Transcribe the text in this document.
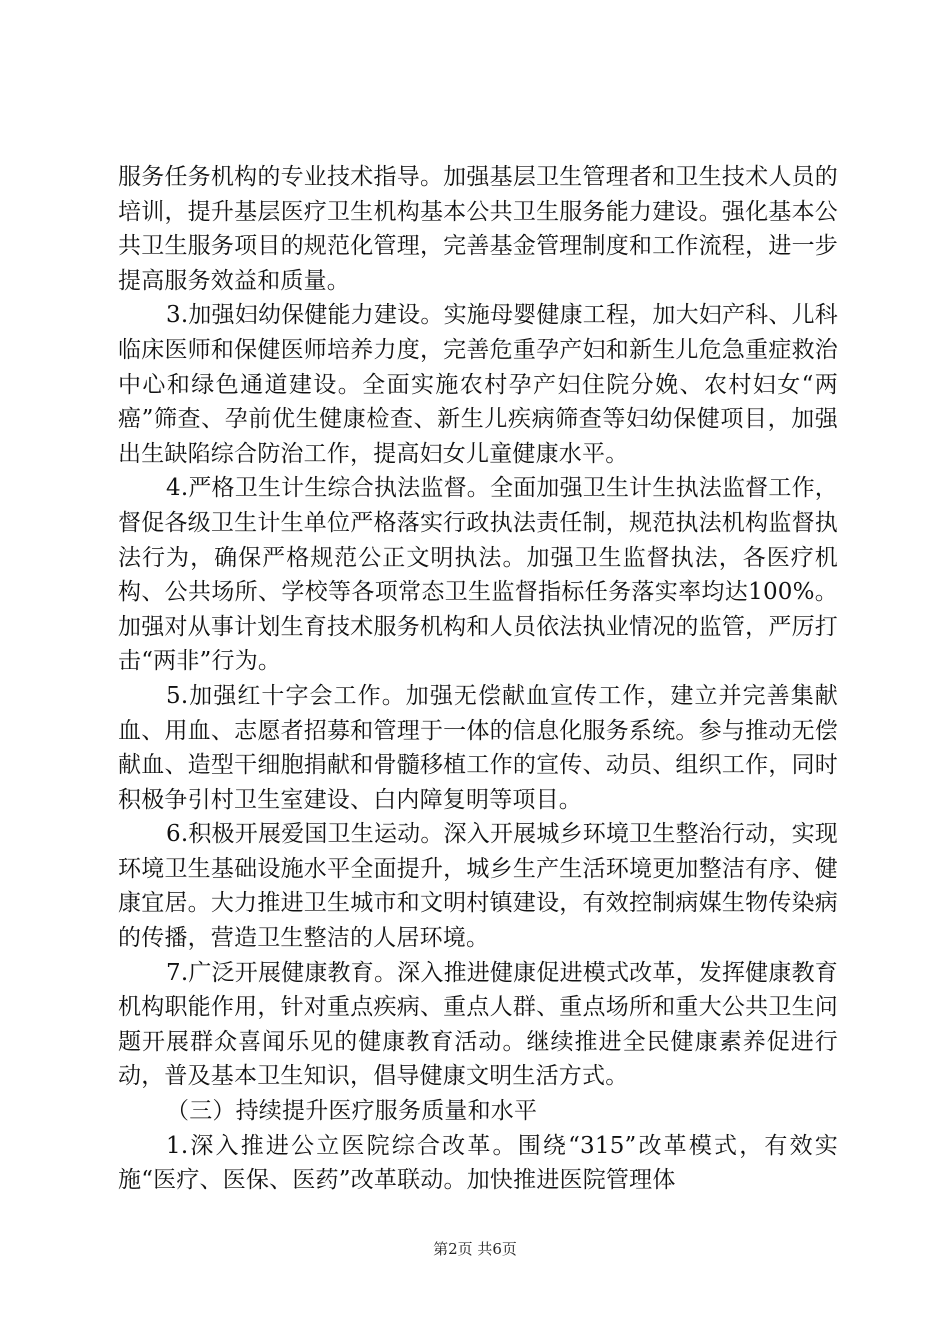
服务任务机构的专业技术指导。加强基层卫生管理者和卫生技术人员的培训，提升基层医疗卫生机构基本公共卫生服务能力建设。强化基本公共卫生服务项目的规范化管理，完善基金管理制度和工作流程，进一步提高服务效益和质量。

3.加强妇幼保健能力建设。实施母婴健康工程，加大妇产科、儿科临床医师和保健医师培养力度，完善危重孕产妇和新生儿危急重症救治中心和绿色通道建设。全面实施农村孕产妇住院分娩、农村妇女“两癌”筛查、孕前优生健康检查、新生儿疾病筛查等妇幼保健项目，加强出生缺陷综合防治工作，提高妇女儿童健康水平。

4.严格卫生计生综合执法监督。全面加强卫生计生执法监督工作，督促各级卫生计生单位严格落实行政执法责任制，规范执法机构监督执法行为，确保严格规范公正文明执法。加强卫生监督执法，各医疗机构、公共场所、学校等各项常态卫生监督指标任务落实率均达100%。加强对从事计划生育技术服务机构和人员依法执业情况的监管，严厉打击“两非”行为。

5.加强红十字会工作。加强无偿献血宣传工作，建立并完善集献血、用血、志愿者招募和管理于一体的信息化服务系统。参与推动无偿献血、造型干细胞捐献和骨髓移植工作的宣传、动员、组织工作，同时积极争引村卫生室建设、白内障复明等项目。

6.积极开展爱国卫生运动。深入开展城乡环境卫生整治行动，实现环境卫生基础设施水平全面提升，城乡生产生活环境更加整洁有序、健康宜居。大力推进卫生城市和文明村镇建设，有效控制病媒生物传染病的传播，营造卫生整洁的人居环境。

7.广泛开展健康教育。深入推进健康促进模式改革，发挥健康教育机构职能作用，针对重点疾病、重点人群、重点场所和重大公共卫生问题开展群众喜闻乐见的健康教育活动。继续推进全民健康素养促进行动，普及基本卫生知识，倡导健康文明生活方式。

（三）持续提升医疗服务质量和水平

1.深入推进公立医院综合改革。围绕“315”改革模式，有效实施“医疗、医保、医药”改革联动。加快推进医院管理体

第2页 共6页
